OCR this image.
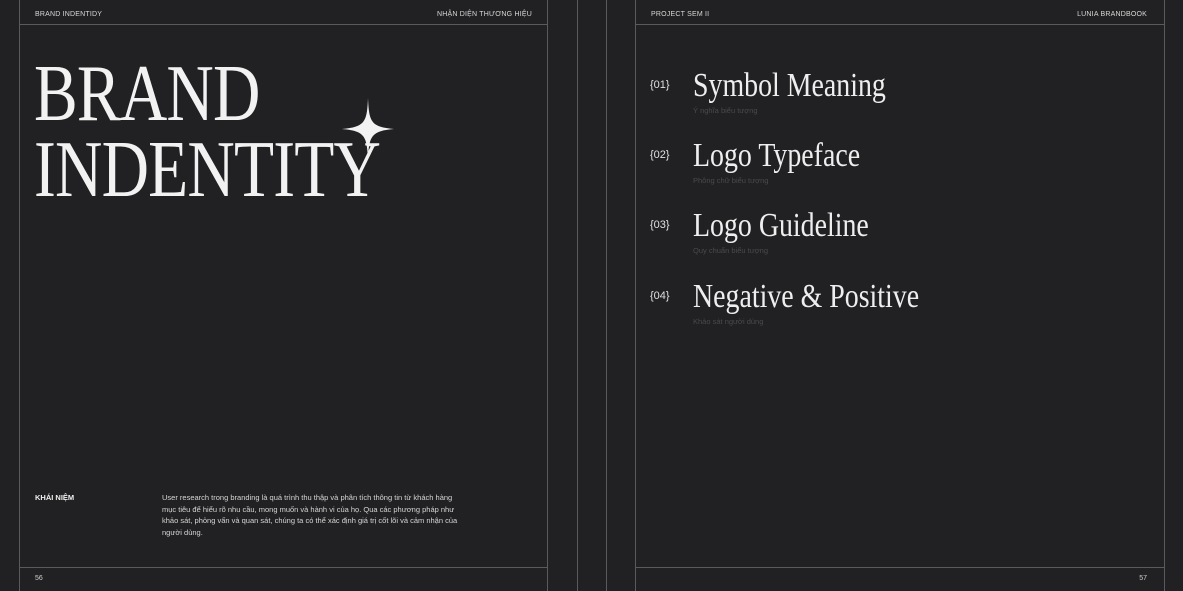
BRAND INDENTIDY	NHẬN DIỆN THƯƠNG HIỆU
BRAND
INDENTITY
KHÁI NIỆM	User research trong branding là quá trình thu thập và phân tích thông tin từ khách hàng mục tiêu để hiểu rõ nhu cầu, mong muốn và hành vi của họ. Qua các phương pháp như khảo sát, phỏng vấn và quan sát, chúng ta có thể xác định giá trị cốt lõi và cảm nhận của người dùng.
56
PROJECT SEM II	LUNIA BRANDBOOK
{01} Symbol Meaning
Ý nghĩa biểu tượng
{02} Logo Typeface
Phông chữ biểu tượng
{03} Logo Guideline
Quy chuẩn biểu tượng
{04} Negative & Positive
Khảo sát người dùng
57
